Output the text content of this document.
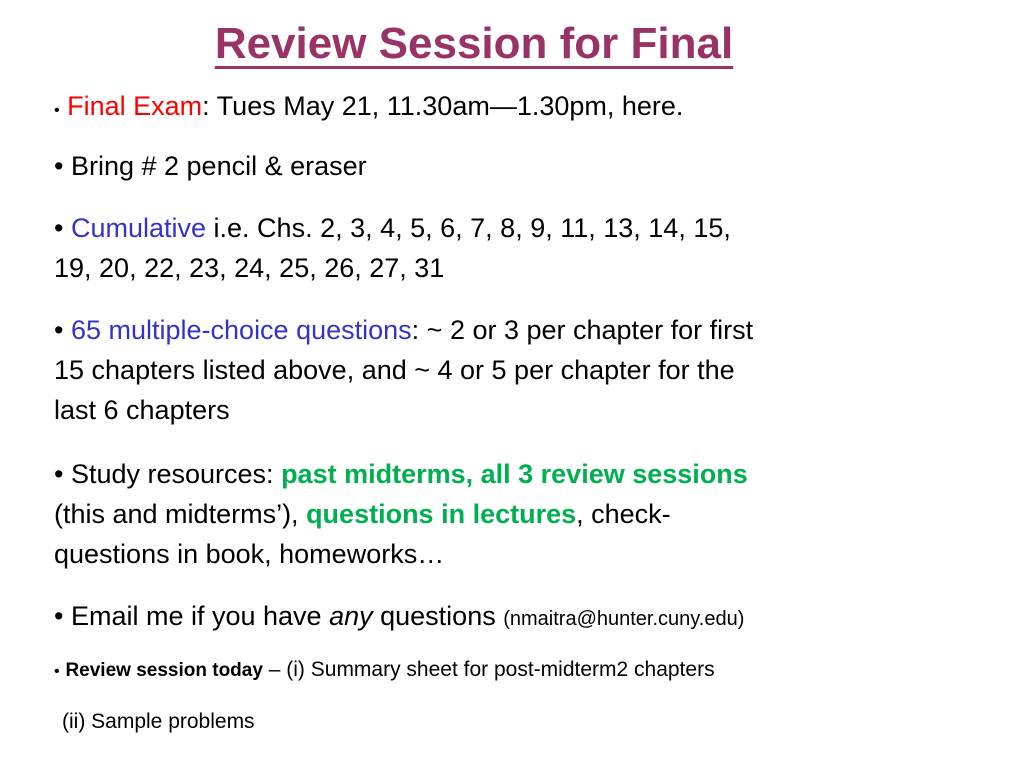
Review Session for Final

• Final Exam: Tues May 21, 11.30am—1.30pm, here.

• Bring # 2 pencil & eraser

• Cumulative i.e. Chs. 2, 3, 4, 5, 6, 7, 8, 9, 11, 13, 14, 15,
19, 20, 22, 23, 24, 25, 26, 27, 31
• 65 multiple-choice questions: ~ 2 or 3 per chapter for first
15 chapters listed above, and ~ 4 or 5 per chapter for the
last 6 chapters
• Study resources: past midterms, all 3 review sessions
(this and midterms’), questions in lectures, check-
questions in book, homeworks…

• Email me if you have any questions (nmaitra@hunter.cuny.edu)

• Review session today – (i) Summary sheet for post-midterm2 chapters

(ii) Sample problems
